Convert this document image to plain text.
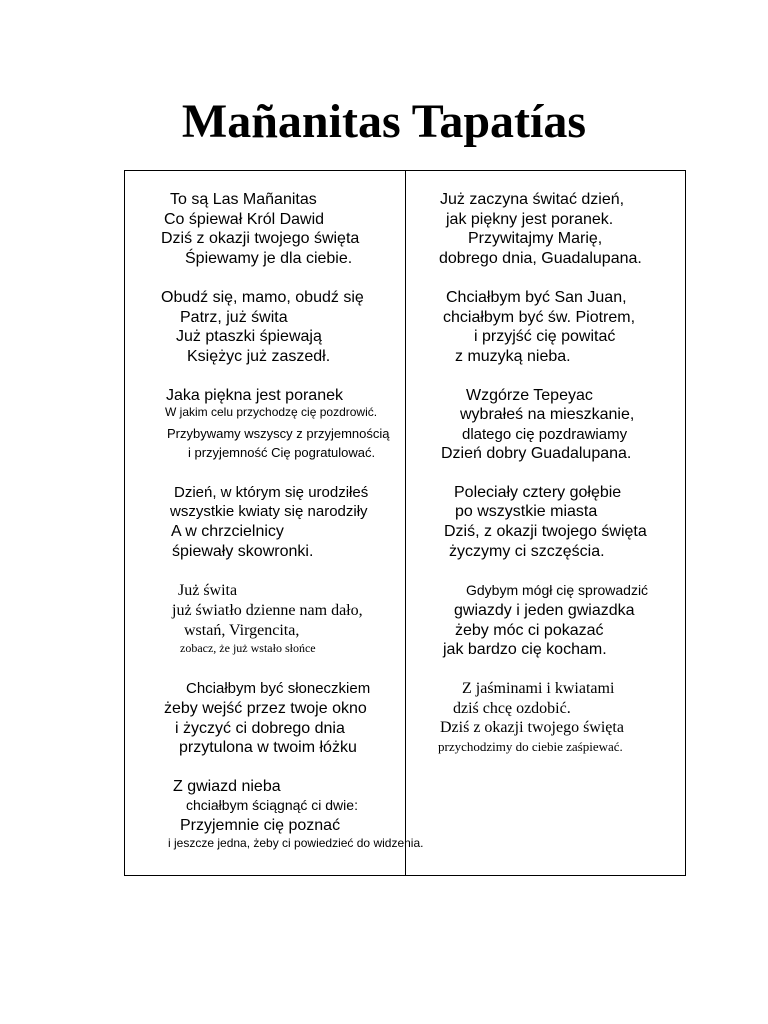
Mañanitas Tapatías
To są Las Mañanitas
Co śpiewał Król Dawid
Dziś z okazji twojego święta
Śpiewamy je dla ciebie.
Obudź się, mamo, obudź się
Patrz, już świta
Już ptaszki śpiewają
Księżyc już zaszedł.
Jaka piękna jest poranek
W jakim celu przychodzę cię pozdrowić.
Przybywamy wszyscy z przyjemnością
i przyjemność Cię pogratulować.
Dzień, w którym się urodziłeś
wszystkie kwiaty się narodziły
A w chrzcielnicy
śpiewały skowronki.
Już świta
już światło dzienne nam dało,
wstań, Virgencita,
zobacz, że już wstało słońce
Chciałbym być słoneczkiem
żeby wejść przez twoje okno
i życzyć ci dobrego dnia
przytulona w twoim łóżku
Z gwiazd nieba
chciałbym ściągnąć ci dwie:
Przyjemnie cię poznać
i jeszcze jedna, żeby ci powiedzieć do widzenia.
Już zaczyna świtać dzień,
jak piękny jest poranek.
Przywitajmy Marię,
dobrego dnia, Guadalupana.
Chciałbym być San Juan,
chciałbym być św. Piotrem,
i przyjść cię powitać
z muzyką nieba.
Wzgórze Tepeyac
wybrałeś na mieszkanie,
dlatego cię pozdrawiamy
Dzień dobry Guadalupana.
Poleciały cztery gołębie
po wszystkie miasta
Dziś, z okazji twojego święta
życzymy ci szczęścia.
Gdybym mógł cię sprowadzić
gwiazdy i jeden gwiazdka
żeby móc ci pokazać
jak bardzo cię kocham.
Z jaśminami i kwiatami
dziś chcę ozdobić.
Dziś z okazji twojego święta
przychodzimy do ciebie zaśpiewać.
